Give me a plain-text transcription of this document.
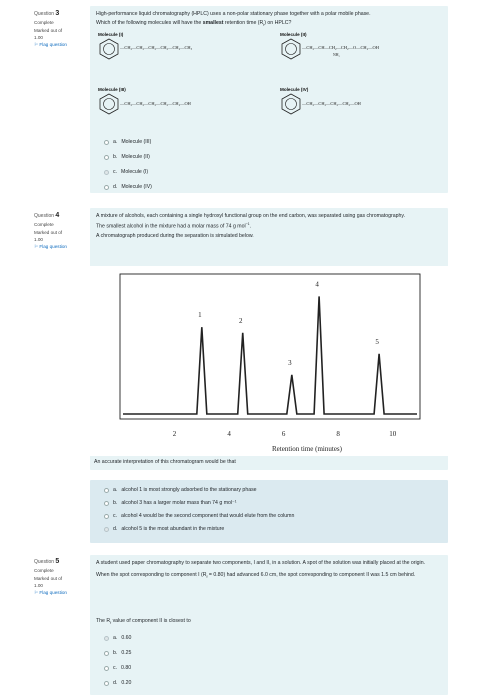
Question 3
Complete
Marked out of
1.00
⚐ Flag question
High-performance liquid chromatography (HPLC) uses a non-polar stationary phase together with a polar mobile phase.
Which of the following molecules will have the smallest retention time $(R_t)$ on HPLC?
Molecule (I)
—CH₂—CH₂—CH₂—CH₂—CH₂—CH₃
Molecule (II)
—CH₂—CH—CH₂—CH₂—O—CH₂—OH
NH₂
Molecule (III)
—CH₂—CH₂—CH₂—CH₂—CH₂—OH
Molecule (IV)
—CH₂—CH₂—CH₂—CH₂—OH
a. Molecule (III)
b. Molecule (II)
c. Molecule (I)
d. Molecule (IV)
Question 4
Complete
Marked out of
1.00
⚐ Flag question
A mixture of alcohols, each containing a single hydroxyl functional group on the end carbon, was separated using gas chromatography.
The smallest alcohol in the mixture had a molar mass of 74 g mol$^{-1}$.
A chromatograph produced during the separation is simulated below.
1
2
3
4
5
2	4	6	8	10
Retention time (minutes)
An accurate interpretation of this chromatogram would be that
a. alcohol 1 is most strongly adsorbed to the stationary phase
b. alcohol 3 has a larger molar mass than 74 g mol⁻¹
c. alcohol 4 would be the second component that would elute from the column
d. alcohol 5 is the most abundant in the mixture
Question 5
Complete
Marked out of
1.00
⚐ Flag question
A student used paper chromatography to separate two components, I and II, in a solution. A spot of the solution was initially placed at the origin.
When the spot corresponding to component I $(R_f = 0.80)$ had advanced 6.0 cm, the spot corresponding to component II was 1.5 cm behind.
The $R_f$ value of component II is closest to
a. 0.60
b. 0.25
c. 0.80
d. 0.20
